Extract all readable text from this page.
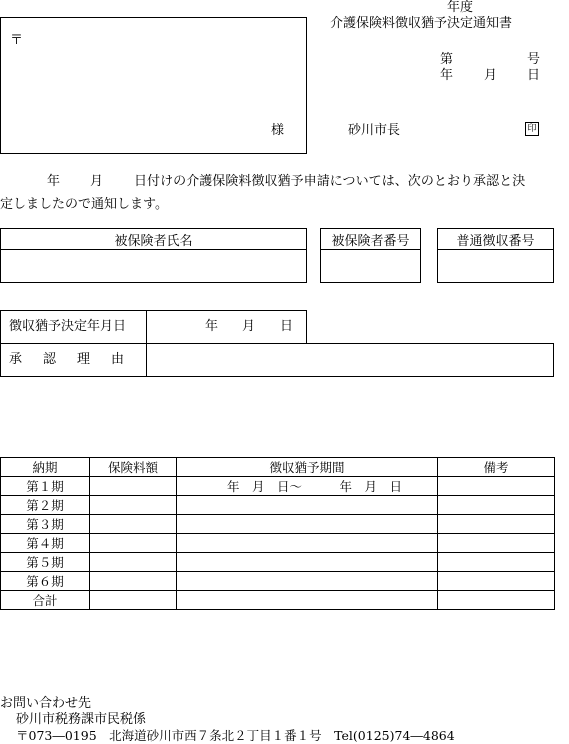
年度
介護保険料徴収猶予決定通知書
第	号
年 月 日
砂川市長	印
〒
様
年 月 日付けの介護保険料徴収猶予申請については、次のとおり承認と決
定しましたので通知します。
被保険者氏名	被保険者番号	普通徴収番号
徴収猶予決定年月日	年 月 日
承　認　理　由
納期	保険料額	徴収猶予期間	備考
第１期		年　月　日～　　　年　月　日	
第２期			
第３期			
第４期			
第５期			
第６期			
合計			
お問い合わせ先
砂川市税務課市民税係
〒073―0195　北海道砂川市西７条北２丁目１番１号　Tel(0125)74―4864
